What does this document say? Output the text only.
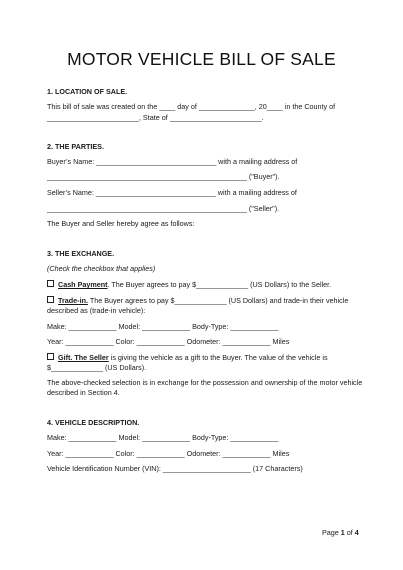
MOTOR VEHICLE BILL OF SALE
1. LOCATION OF SALE.
This bill of sale was created on the ____ day of ______________, 20____ in the County of
_______________________, State of _______________________.
2. THE PARTIES.
Buyer’s Name: ______________________________ with a mailing address of
__________________________________________________ ("Buyer").
Seller’s Name: ______________________________ with a mailing address of
__________________________________________________ ("Seller").
The Buyer and Seller hereby agree as follows:
3. THE EXCHANGE.
(Check the checkbox that applies)
Cash Payment. The Buyer agrees to pay $_____________ (US Dollars) to the Seller.
Trade-in. The Buyer agrees to pay $_____________ (US Dollars) and trade-in their vehicle
described as (trade-in vehicle):
Make: ____________ Model: ____________ Body-Type: ____________
Year: ____________ Color: ____________ Odometer: ____________ Miles
Gift. The Seller is giving the vehicle as a gift to the Buyer. The value of the vehicle is
$_____________ (US Dollars).
The above-checked selection is in exchange for the possession and ownership of the motor vehicle
described in Section 4.
4. VEHICLE DESCRIPTION.
Make: ____________ Model: ____________ Body-Type: ____________
Year: ____________ Color: ____________ Odometer: ____________ Miles
Vehicle Identification Number (VIN): ______________________ (17 Characters)
Page 1 of 4
